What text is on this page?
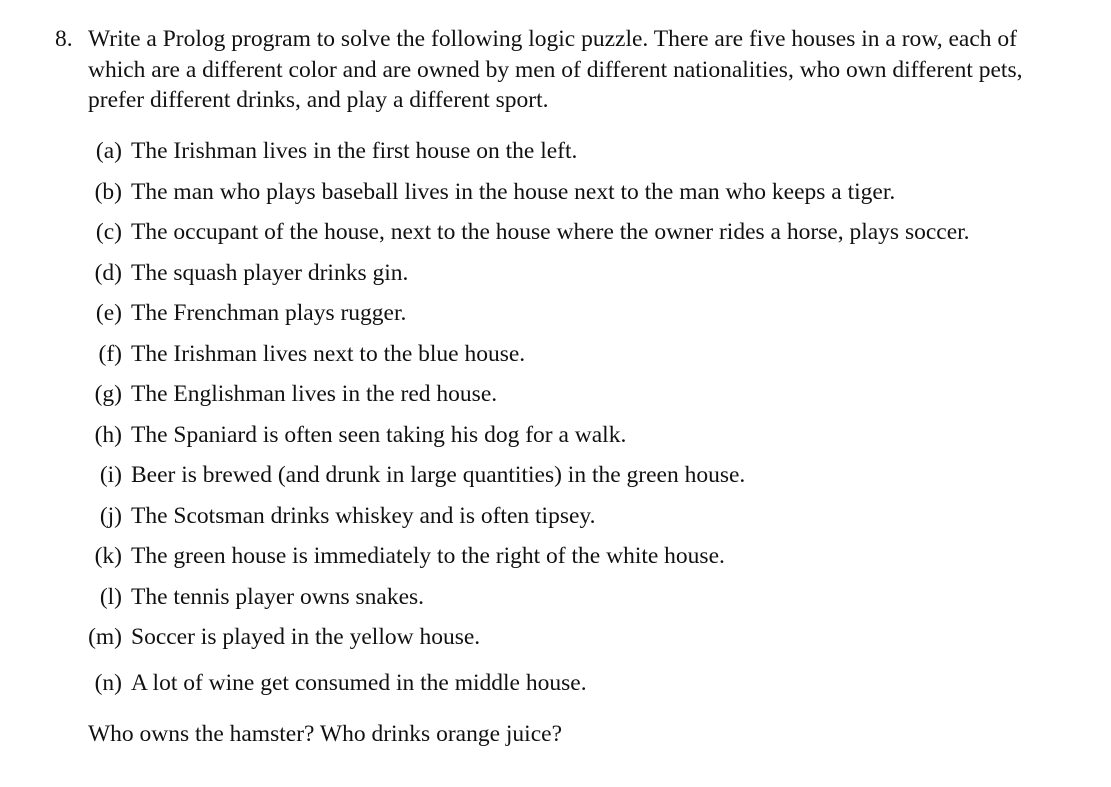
8. Write a Prolog program to solve the following logic puzzle. There are five houses in a row, each of which are a different color and are owned by men of different nationalities, who own different pets, prefer different drinks, and play a different sport.
(a) The Irishman lives in the first house on the left.
(b) The man who plays baseball lives in the house next to the man who keeps a tiger.
(c) The occupant of the house, next to the house where the owner rides a horse, plays soccer.
(d) The squash player drinks gin.
(e) The Frenchman plays rugger.
(f) The Irishman lives next to the blue house.
(g) The Englishman lives in the red house.
(h) The Spaniard is often seen taking his dog for a walk.
(i) Beer is brewed (and drunk in large quantities) in the green house.
(j) The Scotsman drinks whiskey and is often tipsey.
(k) The green house is immediately to the right of the white house.
(l) The tennis player owns snakes.
(m) Soccer is played in the yellow house.
(n) A lot of wine get consumed in the middle house.
Who owns the hamster? Who drinks orange juice?
